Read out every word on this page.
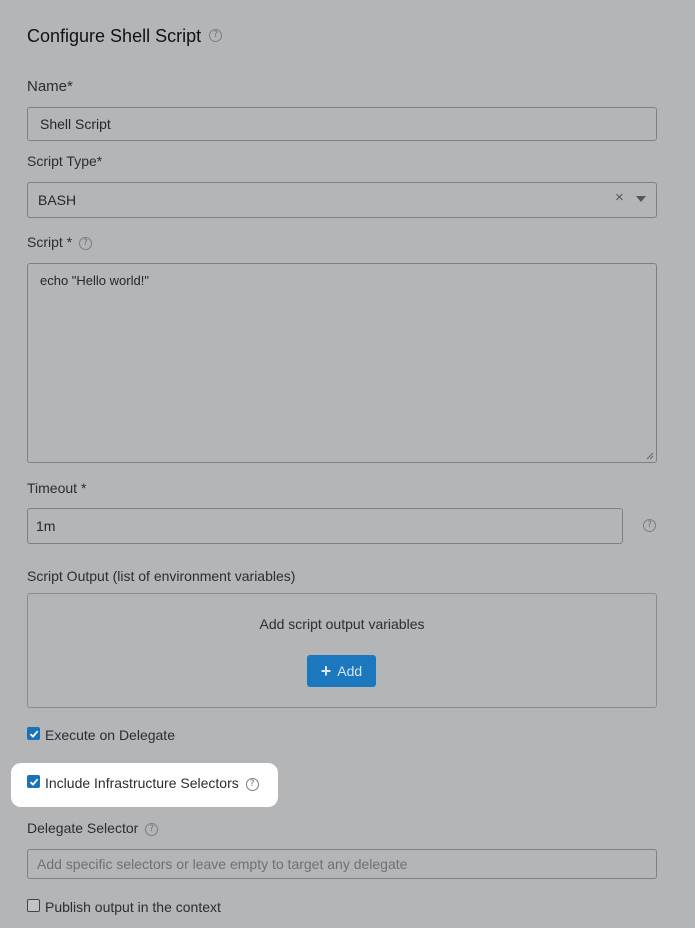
Configure Shell Script ?
Name*
Shell Script
Script Type*
BASH	×
Script * ?
echo "Hello world!"
Timeout *
1m	?
Script Output (list of environment variables)
Add script output variables
+ Add
Execute on Delegate
Include Infrastructure Selectors ?
Delegate Selector ?
Add specific selectors or leave empty to target any delegate
Publish output in the context
